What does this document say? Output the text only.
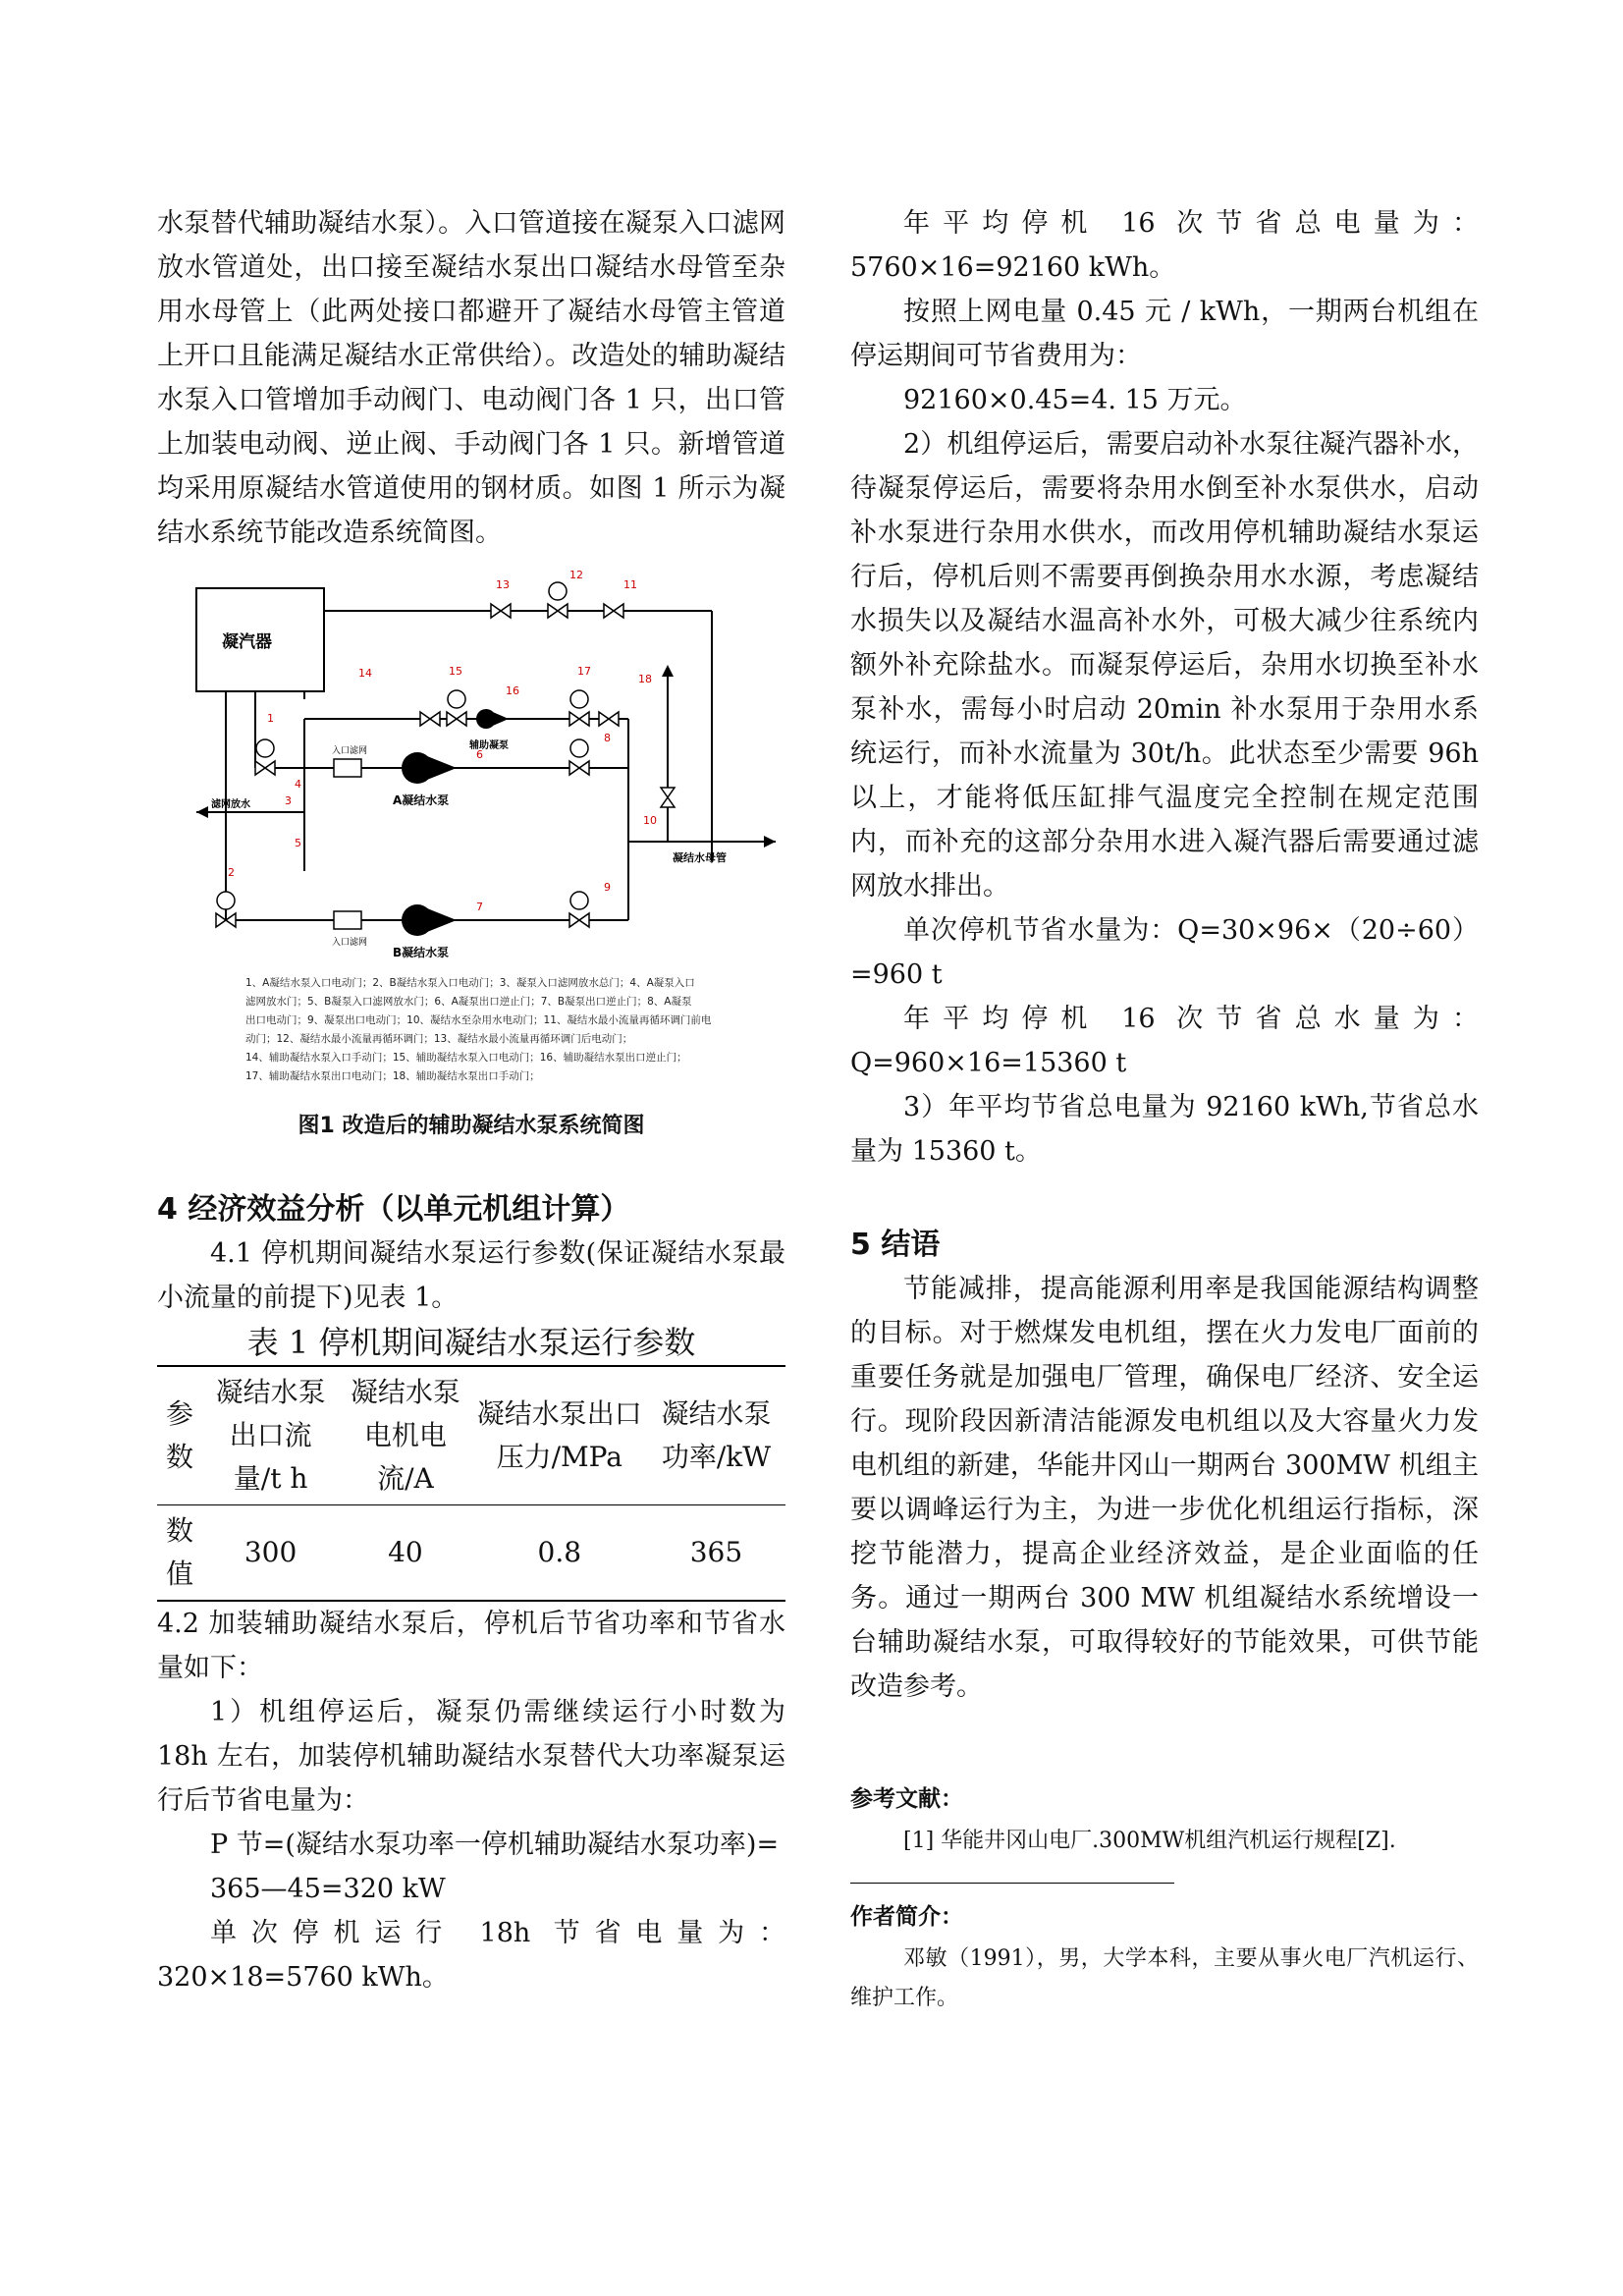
水泵替代辅助凝结水泵）。入口管道接在凝泵入口滤网放水管道处，出口接至凝结水泵出口凝结水母管至杂用水母管上（此两处接口都避开了凝结水母管主管道上开口且能满足凝结水正常供给）。改造处的辅助凝结水泵入口管增加手动阀门、电动阀门各 1 只，出口管上加装电动阀、逆止阀、手动阀门各 1 只。新增管道均采用原凝结水管道使用的钢材质。如图 1 所示为凝结水系统节能改造系统简图。

凝汽器
辅助凝泵
A凝结水泵
B凝结水泵
入口滤网
入口滤网
滤网放水
凝结水母管
1
2
3
4
5
6
7
8
9
10
11
12
13
14	15
16
17
18
1、A凝结水泵入口电动门；2、B凝结水泵入口电动门；3、凝泵入口滤网放水总门；4、A凝泵入口
滤网放水门；5、B凝泵入口滤网放水门；6、A凝泵出口逆止门；7、B凝泵出口逆止门；8、A凝泵
出口电动门；9、凝泵出口电动门；10、凝结水至杂用水电动门；11、凝结水最小流量再循环调门前电
动门；12、凝结水最小流量再循环调门；13、凝结水最小流量再循环调门后电动门；
14、辅助凝结水泵入口手动门；15、辅助凝结水泵入口电动门；16、辅助凝结水泵出口逆止门；
17、辅助凝结水泵出口电动门；18、辅助凝结水泵出口手动门；
图1 改造后的辅助凝结水泵系统简图

4 经济效益分析（以单元机组计算）

4.1 停机期间凝结水泵运行参数(保证凝结水泵最小流量的前提下)见表 1。

表 1 停机期间凝结水泵运行参数
参数	凝结水泵出口流量/t h	凝结水泵电机电流/A	凝结水泵出口压力/MPa	凝结水泵功率/kW
数值	300	40	0.8	365

4.2 加装辅助凝结水泵后，停机后节省功率和节省水量如下：

1）机组停运后，凝泵仍需继续运行小时数为 18h 左右，加装停机辅助凝结水泵替代大功率凝泵运行后节省电量为：

P 节=(凝结水泵功率一停机辅助凝结水泵功率)=

365—45=320 kW

单次停机运行 18h 节省电量为：320×18=5760 kWh。

年平均停机 16 次节省总电量为：5760×16=92160 kWh。

按照上网电量 0.45 元 / kWh，一期两台机组在停运期间可节省费用为：

92160×0.45=4. 15 万元。

2）机组停运后，需要启动补水泵往凝汽器补水，待凝泵停运后，需要将杂用水倒至补水泵供水，启动补水泵进行杂用水供水，而改用停机辅助凝结水泵运行后，停机后则不需要再倒换杂用水水源，考虑凝结水损失以及凝结水温高补水外，可极大减少往系统内额外补充除盐水。而凝泵停运后，杂用水切换至补水泵补水，需每小时启动 20min 补水泵用于杂用水系统运行，而补水流量为 30t/h。此状态至少需要 96h 以上，才能将低压缸排气温度完全控制在规定范围内，而补充的这部分杂用水进入凝汽器后需要通过滤网放水排出。

单次停机节省水量为：Q=30×96×（20÷60）=960 t

年平均停机 16 次节省总水量为：Q=960×16=15360 t

3）年平均节省总电量为 92160 kWh,节省总水量为 15360 t。

5 结语

节能减排，提高能源利用率是我国能源结构调整的目标。对于燃煤发电机组，摆在火力发电厂面前的重要任务就是加强电厂管理，确保电厂经济、安全运行。现阶段因新清洁能源发电机组以及大容量火力发电机组的新建，华能井冈山一期两台 300MW 机组主要以调峰运行为主，为进一步优化机组运行指标，深挖节能潜力，提高企业经济效益，是企业面临的任务。通过一期两台 300 MW 机组凝结水系统增设一台辅助凝结水泵，可取得较好的节能效果，可供节能改造参考。

参考文献：

[1] 华能井冈山电厂.300MW机组汽机运行规程[Z].

作者简介：

邓敏（1991），男，大学本科，主要从事火电厂汽机运行、维护工作。
